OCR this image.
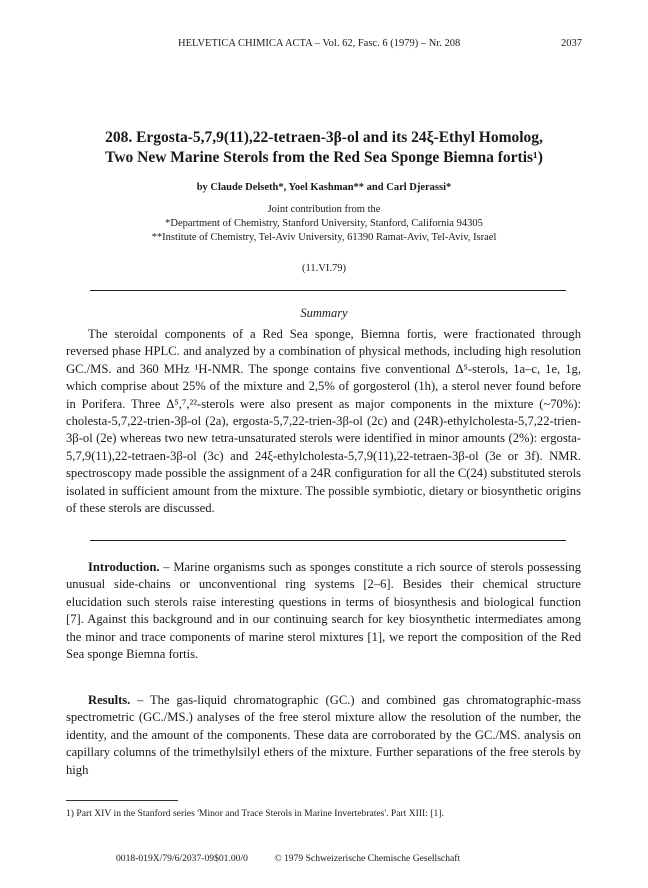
HELVETICA CHIMICA ACTA – Vol. 62, Fasc. 6 (1979) – Nr. 208	2037
208. Ergosta-5,7,9(11),22-tetraen-3β-ol and its 24ξ-Ethyl Homolog,
Two New Marine Sterols from the Red Sea Sponge Biemna fortis¹)
by Claude Delseth*, Yoel Kashman** and Carl Djerassi*
Joint contribution from the
*Department of Chemistry, Stanford University, Stanford, California 94305
**Institute of Chemistry, Tel-Aviv University, 61390 Ramat-Aviv, Tel-Aviv, Israel
(11.VI.79)
Summary

The steroidal components of a Red Sea sponge, Biemna fortis, were fractionated through reversed phase HPLC. and analyzed by a combination of physical methods, including high resolution GC./MS. and 360 MHz ¹H-NMR. The sponge contains five conventional Δ⁵-sterols, 1a–c, 1e, 1g, which comprise about 25% of the mixture and 2,5% of gorgosterol (1h), a sterol never found before in Porifera. Three Δ⁵,⁷,²²-sterols were also present as major components in the mixture (~70%): cholesta-5,7,22-trien-3β-ol (2a), ergosta-5,7,22-trien-3β-ol (2c) and (24R)-ethylcholesta-5,7,22-trien-3β-ol (2e) whereas two new tetra-unsaturated sterols were identified in minor amounts (2%): ergosta-5,7,9(11),22-tetraen-3β-ol (3c) and 24ξ-ethylcholesta-5,7,9(11),22-tetraen-3β-ol (3e or 3f). NMR. spectroscopy made possible the assignment of a 24R configuration for all the C(24) substituted sterols isolated in sufficient amount from the mixture. The possible symbiotic, dietary or biosynthetic origins of these sterols are discussed.

Introduction. – Marine organisms such as sponges constitute a rich source of sterols possessing unusual side-chains or unconventional ring systems [2–6]. Besides their chemical structure elucidation such sterols raise interesting questions in terms of biosynthesis and biological function [7]. Against this background and in our continuing search for key biosynthetic intermediates among the minor and trace components of marine sterol mixtures [1], we report the composition of the Red Sea sponge Biemna fortis.

Results. – The gas-liquid chromatographic (GC.) and combined gas chromatographic-mass spectrometric (GC./MS.) analyses of the free sterol mixture allow the resolution of the number, the identity, and the amount of the components. These data are corroborated by the GC./MS. analysis on capillary columns of the trimethylsilyl ethers of the mixture. Further separations of the free sterols by high

1) Part XIV in the Stanford series 'Minor and Trace Sterols in Marine Invertebrates'. Part XIII: [1].
0018-019X/79/6/2037-09$01.00/0	© 1979 Schweizerische Chemische Gesellschaft
